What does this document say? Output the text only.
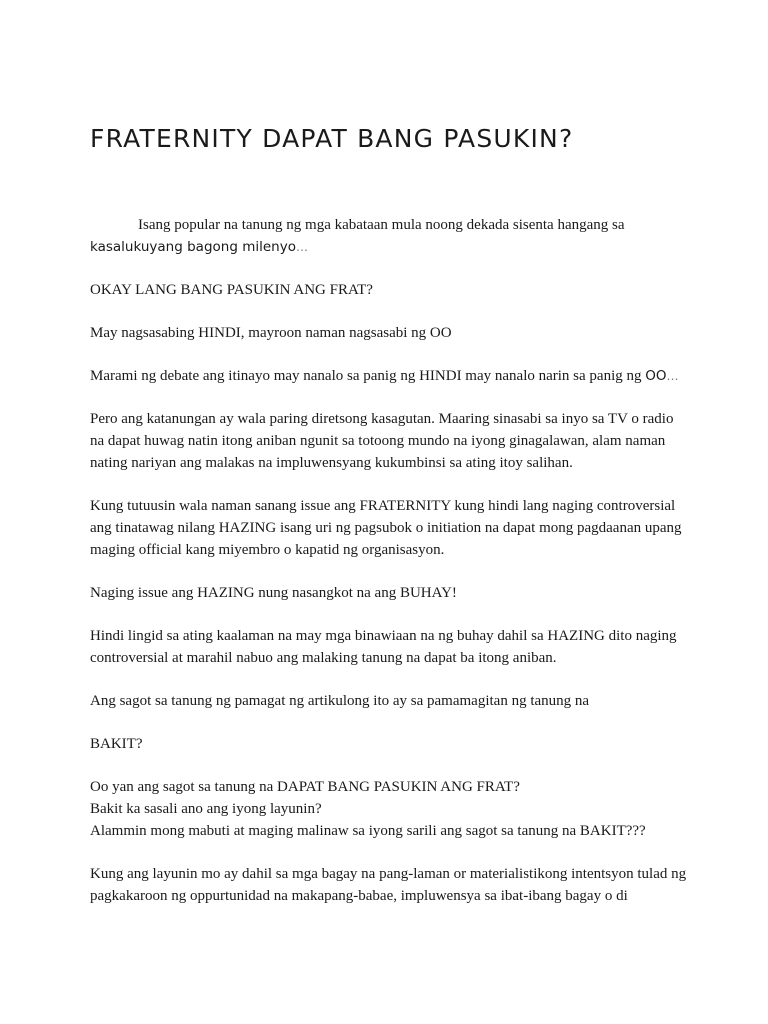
FRATERNITY DAPAT BANG PASUKIN?

Isang popular na tanung ng mga kabataan mula noong dekada sisenta hangang sa kasalukuyang bagong milenyo…

OKAY LANG BANG PASUKIN ANG FRAT?

May nagsasabing HINDI, mayroon naman nagsasabi ng OO

Marami ng debate ang itinayo may nanalo sa panig ng HINDI may nanalo narin sa panig ng OO…

Pero ang katanungan ay wala paring diretsong kasagutan. Maaring sinasabi sa inyo sa TV o radio na dapat huwag natin itong aniban ngunit sa totoong mundo na iyong ginagalawan, alam naman nating nariyan ang malakas na impluwensyang kukumbinsi sa ating itoy salihan.

Kung tutuusin wala naman sanang issue ang FRATERNITY kung hindi lang naging controversial ang tinatawag nilang HAZING isang uri ng pagsubok o initiation na dapat mong pagdaanan upang maging official kang miyembro o kapatid ng organisasyon.

Naging issue ang HAZING nung nasangkot na ang BUHAY!

Hindi lingid sa ating kaalaman na may mga binawiaan na ng buhay dahil sa HAZING dito naging controversial at marahil nabuo ang malaking tanung na dapat ba itong aniban.

Ang sagot sa tanung ng pamagat ng artikulong ito ay sa pamamagitan ng tanung na

BAKIT?

Oo yan ang sagot sa tanung na DAPAT BANG PASUKIN ANG FRAT?
Bakit ka sasali ano ang iyong layunin?
Alammin mong mabuti at maging malinaw sa iyong sarili ang sagot sa tanung na BAKIT???

Kung ang layunin mo ay dahil sa mga bagay na pang-laman or materialistikong intentsyon tulad ng pagkakaroon ng oppurtunidad na makapang-babae, impluwensya sa ibat-ibang bagay o di
